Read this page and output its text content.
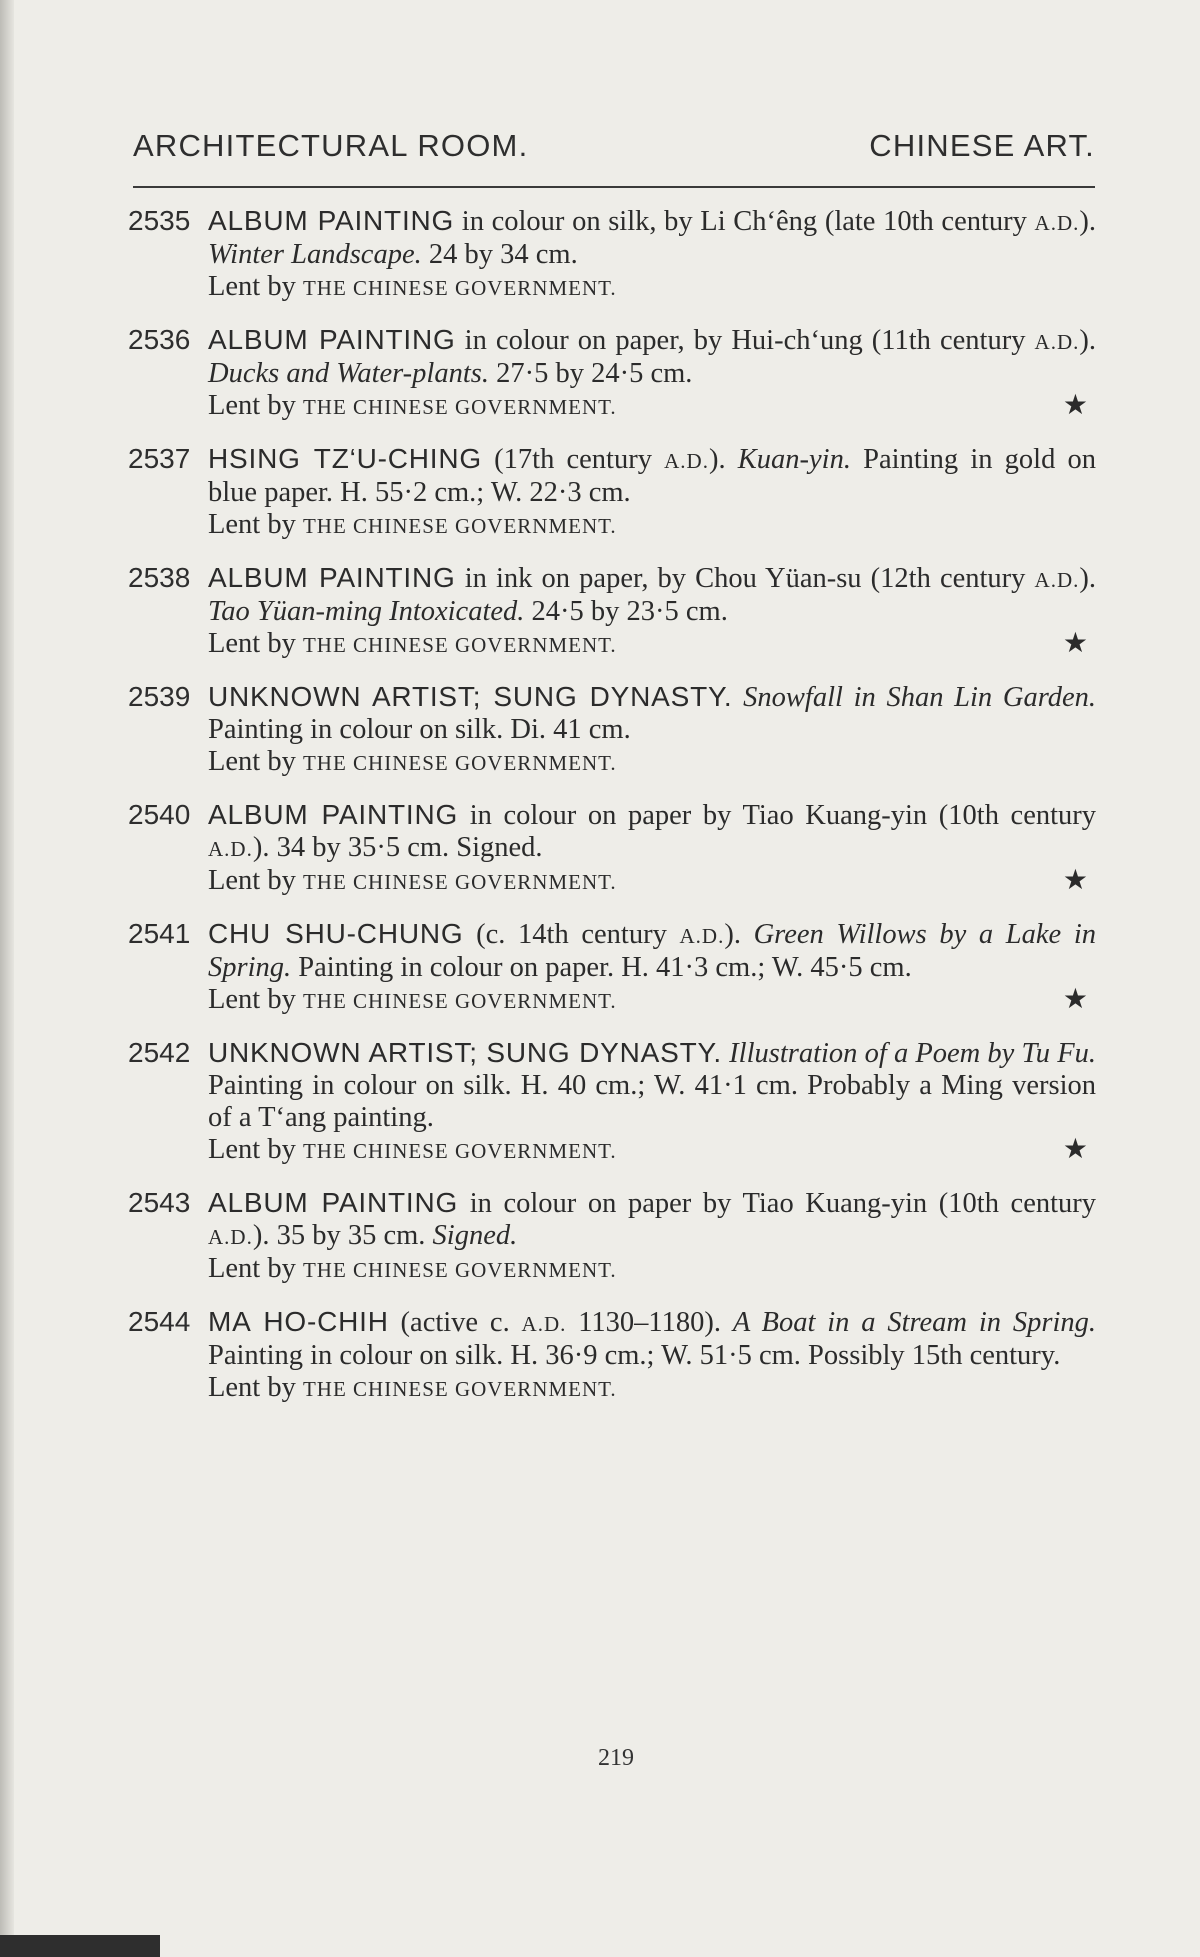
ARCHITECTURAL ROOM.	CHINESE ART.
2535 ALBUM PAINTING in colour on silk, by Li Ch‘êng (late 10th century A.D.). Winter Landscape. 24 by 34 cm.
Lent by THE CHINESE GOVERNMENT.
2536 ALBUM PAINTING in colour on paper, by Hui-ch‘ung (11th century A.D.). Ducks and Water-plants. 27·5 by 24·5 cm.
Lent by THE CHINESE GOVERNMENT.	★
2537 HSING TZ‘U-CHING (17th century A.D.). Kuan-yin. Painting in gold on blue paper. H. 55·2 cm.; W. 22·3 cm.
Lent by THE CHINESE GOVERNMENT.
2538 ALBUM PAINTING in ink on paper, by Chou Yüan-su (12th century A.D.). Tao Yüan-ming Intoxicated. 24·5 by 23·5 cm.
Lent by THE CHINESE GOVERNMENT.	★
2539 UNKNOWN ARTIST; SUNG DYNASTY. Snowfall in Shan Lin Garden. Painting in colour on silk. Di. 41 cm.
Lent by THE CHINESE GOVERNMENT.
2540 ALBUM PAINTING in colour on paper by Tiao Kuang-yin (10th century A.D.). 34 by 35·5 cm. Signed.
Lent by THE CHINESE GOVERNMENT.	★
2541 CHU SHU-CHUNG (c. 14th century A.D.). Green Willows by a Lake in Spring. Painting in colour on paper. H. 41·3 cm.; W. 45·5 cm.
Lent by THE CHINESE GOVERNMENT.	★
2542 UNKNOWN ARTIST; SUNG DYNASTY. Illustration of a Poem by Tu Fu. Painting in colour on silk. H. 40 cm.; W. 41·1 cm. Probably a Ming version of a T‘ang painting.
Lent by THE CHINESE GOVERNMENT.	★
2543 ALBUM PAINTING in colour on paper by Tiao Kuang-yin (10th century A.D.). 35 by 35 cm. Signed.
Lent by THE CHINESE GOVERNMENT.
2544 MA HO-CHIH (active c. A.D. 1130–1180). A Boat in a Stream in Spring. Painting in colour on silk. H. 36·9 cm.; W. 51·5 cm. Possibly 15th century.
Lent by THE CHINESE GOVERNMENT.
219
